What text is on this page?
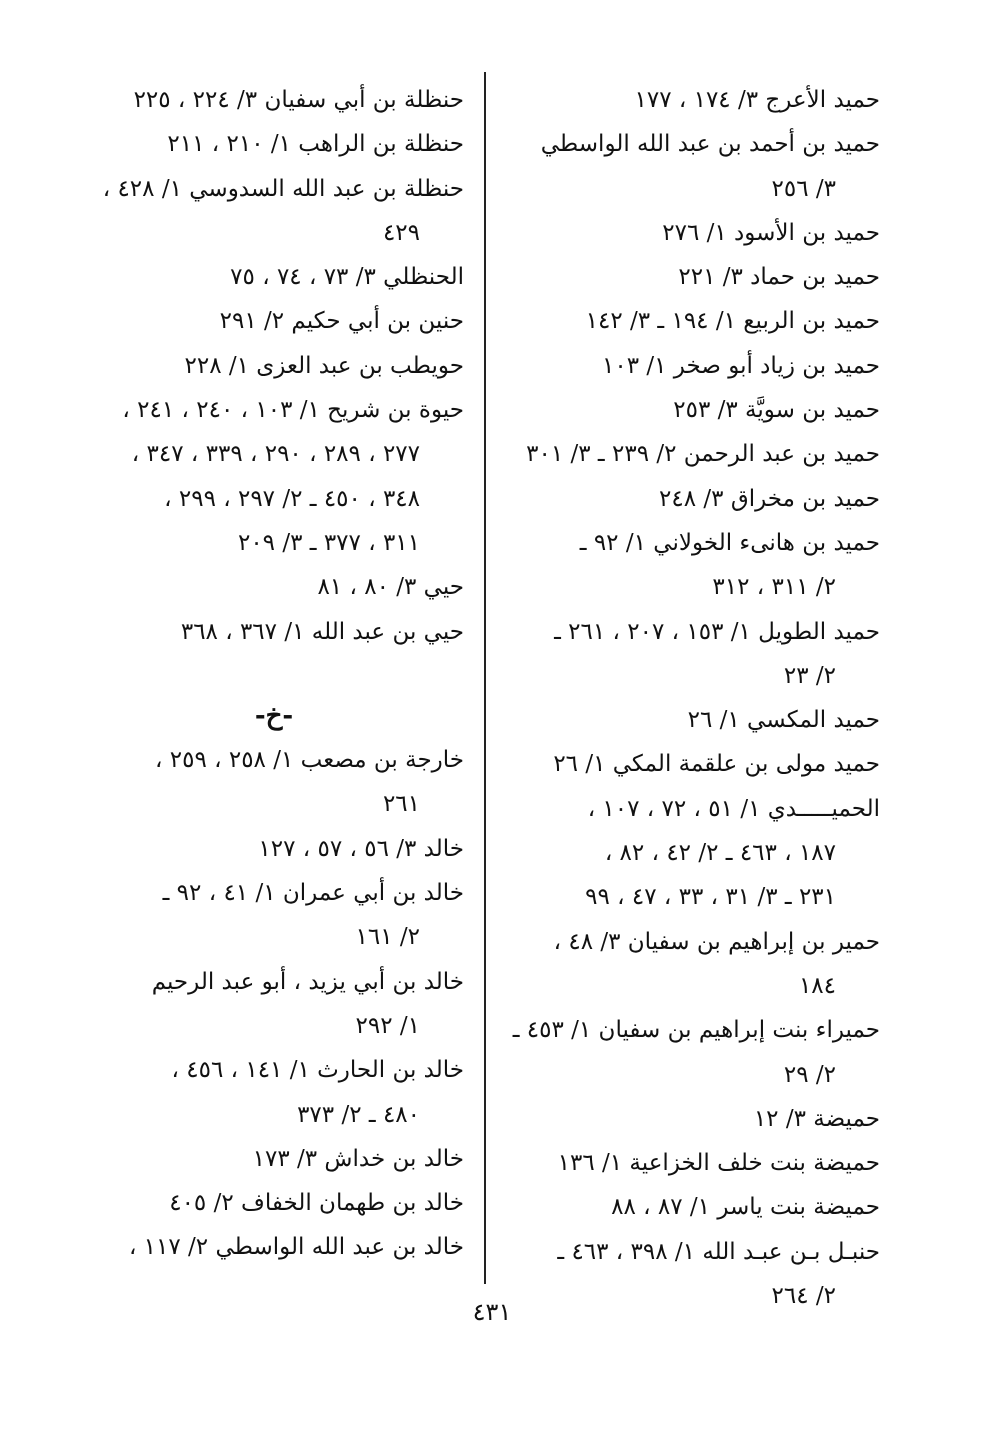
حميد الأعرج ٣/ ١٧٤ ، ١٧٧
حميد بن أحمد بن عبد الله الواسطي
٣/ ٢٥٦
حميد بن الأسود ١/ ٢٧٦
حميد بن حماد ٣/ ٢٢١
حميد بن الربيع ١/ ١٩٤ ـ ٣/ ١٤٢
حميد بن زياد أبو صخر ١/ ١٠٣
حميد بن سويَّة ٣/ ٢٥٣
حميد بن عبد الرحمن ٢/ ٢٣٩ ـ ٣/ ٣٠١
حميد بن مخراق ٣/ ٢٤٨
حميد بن هانىء الخولاني ١/ ٩٢ ـ
٢/ ٣١١ ، ٣١٢
حميد الطويل ١/ ١٥٣ ، ٢٠٧ ، ٢٦١ ـ
٢/ ٢٣
حميد المكسي ١/ ٢٦
حميد مولى بن علقمة المكي ١/ ٢٦
الحميـــــدي ١/ ٥١ ، ٧٢ ، ١٠٧ ،
١٨٧ ، ٤٦٣ ـ ٢/ ٤٢ ، ٨٢ ،
٢٣١ ـ ٣/ ٣١ ، ٣٣ ، ٤٧ ، ٩٩
حمير بن إبراهيم بن سفيان ٣/ ٤٨ ،
١٨٤
حميراء بنت إبراهيم بن سفيان ١/ ٤٥٣ ـ
٢/ ٢٩
حميضة ٣/ ١٢
حميضة بنت خلف الخزاعية ١/ ١٣٦
حميضة بنت ياسر ١/ ٨٧ ، ٨٨
حنبـل بـن عبـد الله ١/ ٣٩٨ ، ٤٦٣ ـ
٢/ ٢٦٤
حنظلة بن أبي سفيان ٣/ ٢٢٤ ، ٢٢٥
حنظلة بن الراهب ١/ ٢١٠ ، ٢١١
حنظلة بن عبد الله السدوسي ١/ ٤٢٨ ،
٤٢٩
الحنظلي ٣/ ٧٣ ، ٧٤ ، ٧٥
حنين بن أبي حكيم ٢/ ٢٩١
حويطب بن عبد العزى ١/ ٢٢٨
حيوة بن شريح ١/ ١٠٣ ، ٢٤٠ ، ٢٤١ ،
٢٧٧ ، ٢٨٩ ، ٢٩٠ ، ٣٣٩ ، ٣٤٧ ،
٣٤٨ ، ٤٥٠ ـ ٢/ ٢٩٧ ، ٢٩٩ ،
٣١١ ، ٣٧٧ ـ ٣/ ٢٠٩
حيي ٣/ ٨٠ ، ٨١
حيي بن عبد الله ١/ ٣٦٧ ، ٣٦٨
-خ-
خارجة بن مصعب ١/ ٢٥٨ ، ٢٥٩ ،
٢٦١
خالد ٣/ ٥٦ ، ٥٧ ، ١٢٧
خالد بن أبي عمران ١/ ٤١ ، ٩٢ ـ
٢/ ١٦١
خالد بن أبي يزيد ، أبو عبد الرحيم
١/ ٢٩٢
خالد بن الحارث ١/ ١٤١ ، ٤٥٦ ،
٤٨٠ ـ ٢/ ٣٧٣
خالد بن خداش ٣/ ١٧٣
خالد بن طهمان الخفاف ٢/ ٤٠٥
خالد بن عبد الله الواسطي ٢/ ١١٧ ،
٤٣١
